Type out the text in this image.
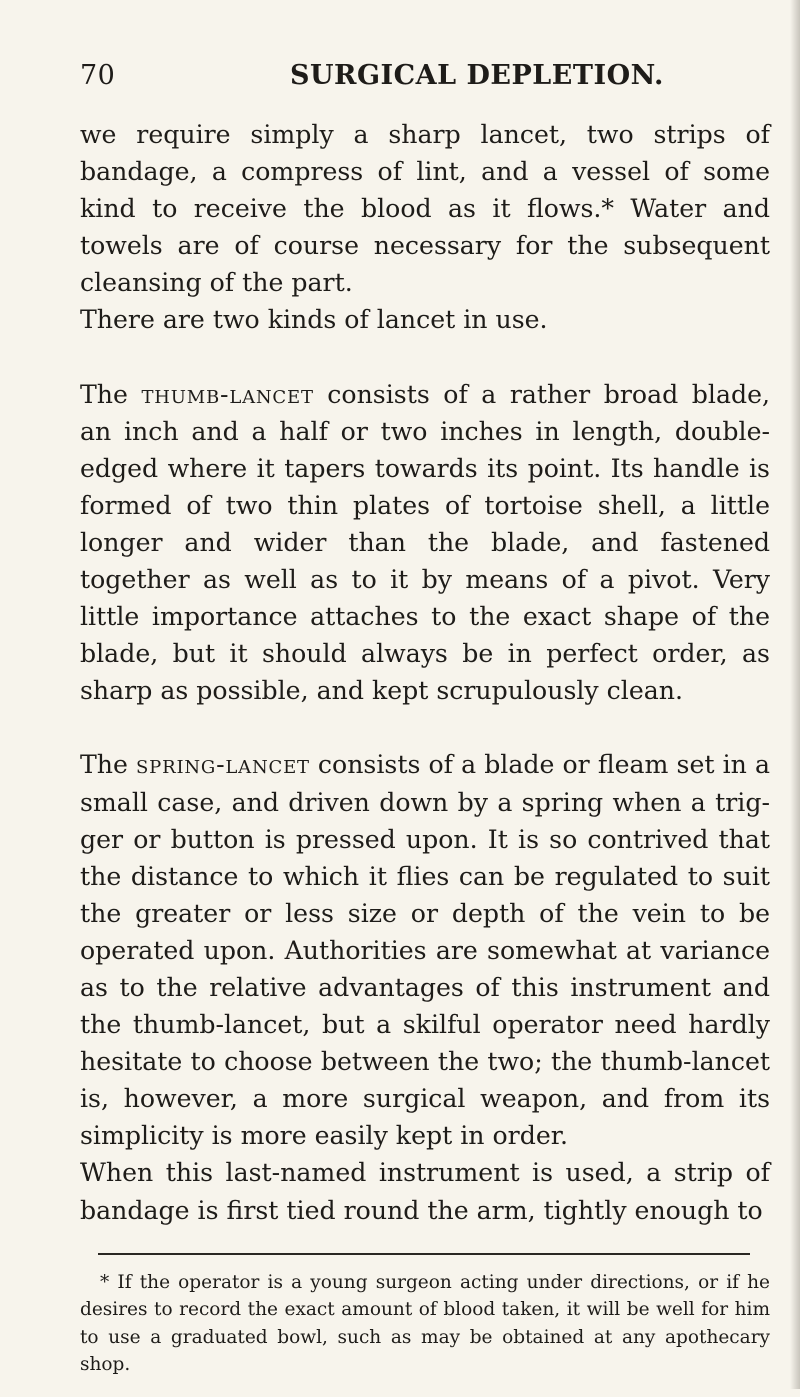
70	SURGICAL DEPLETION.

we require simply a sharp lancet, two strips of bandage, a compress of lint, and a vessel of some kind to receive the blood as it flows.* Water and towels are of course necessary for the subsequent cleansing of the part.

There are two kinds of lancet in use.

The thumb-lancet consists of a rather broad blade, an inch and a half or two inches in length, double-edged where it tapers towards its point. Its handle is formed of two thin plates of tortoise shell, a little longer and wider than the blade, and fastened together as well as to it by means of a pivot. Very little importance attaches to the exact shape of the blade, but it should always be in perfect order, as sharp as possible, and kept scrupulously clean.

The spring-lancet consists of a blade or fleam set in a small case, and driven down by a spring when a trigger or button is pressed upon. It is so contrived that the distance to which it flies can be regulated to suit the greater or less size or depth of the vein to be operated upon. Authorities are somewhat at variance as to the relative advantages of this instrument and the thumb-lancet, but a skilful operator need hardly hesitate to choose between the two; the thumb-lancet is, however, a more surgical weapon, and from its simplicity is more easily kept in order.

When this last-named instrument is used, a strip of bandage is first tied round the arm, tightly enough to

* If the operator is a young surgeon acting under directions, or if he desires to record the exact amount of blood taken, it will be well for him to use a graduated bowl, such as may be obtained at any apothecary shop.
